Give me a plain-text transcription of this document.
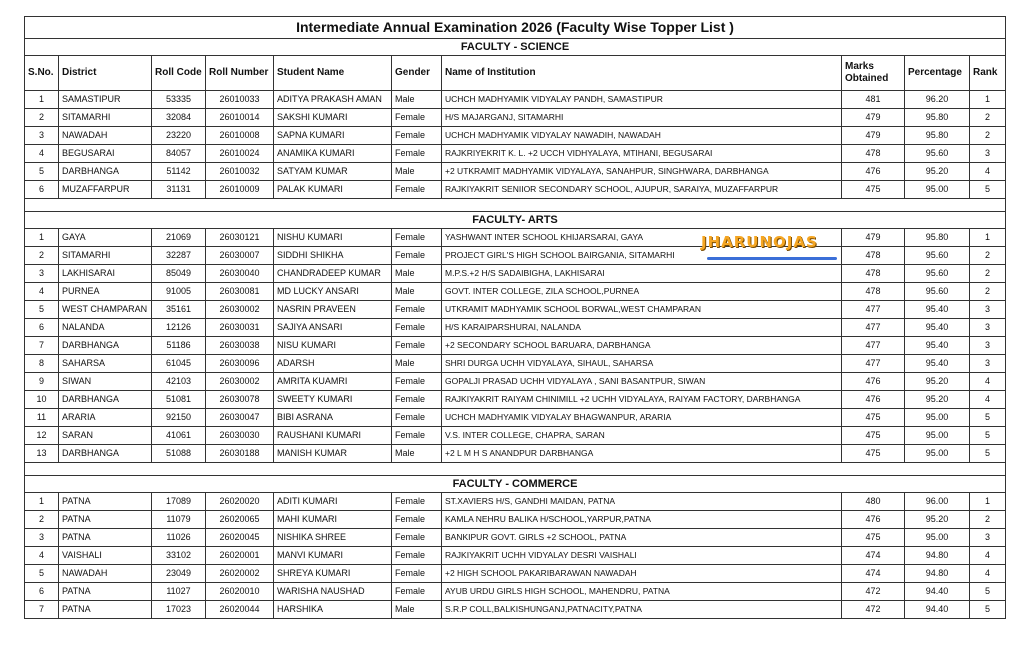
Intermediate Annual Examination 2026 (Faculty Wise Topper List )									
FACULTY - SCIENCE									
S.No.	District	Roll Code	Roll Number	Student Name	Gender	Name of Institution	Marks Obtained	Percentage	Rank
1	SAMASTIPUR	53335	26010033	ADITYA PRAKASH AMAN	Male	UCHCH MADHYAMIK VIDYALAY PANDH, SAMASTIPUR	481	96.20	1
2	SITAMARHI	32084	26010014	SAKSHI KUMARI	Female	H/S MAJARGANJ, SITAMARHI	479	95.80	2
3	NAWADAH	23220	26010008	SAPNA KUMARI	Female	UCHCH MADHYAMIK VIDYALAY NAWADIH, NAWADAH	479	95.80	2
4	BEGUSARAI	84057	26010024	ANAMIKA KUMARI	Female	RAJKRIYEKRIT K. L. +2 UCCH VIDHYALAYA, MTIHANI, BEGUSARAI	478	95.60	3
5	DARBHANGA	51142	26010032	SATYAM KUMAR	Male	+2 UTKRAMIT MADHYAMIK VIDYALAYA, SANAHPUR, SINGHWARA, DARBHANGA	476	95.20	4
6	MUZAFFARPUR	31131	26010009	PALAK KUMARI	Female	RAJKIYAKRIT SENIIOR SECONDARY SCHOOL, AJUPUR, SARAIYA, MUZAFFARPUR	475	95.00	5

FACULTY- ARTS									
1	GAYA	21069	26030121	NISHU KUMARI	Female	YASHWANT INTER SCHOOL KHIJARSARAI, GAYA	479	95.80	1
2	SITAMARHI	32287	26030007	SIDDHI SHIKHA	Female	PROJECT GIRL'S HIGH SCHOOL BAIRGANIA, SITAMARHI	478	95.60	2
3	LAKHISARAI	85049	26030040	CHANDRADEEP KUMAR	Male	M.P.S.+2 H/S SADAIBIGHA, LAKHISARAI	478	95.60	2
4	PURNEA	91005	26030081	MD LUCKY ANSARI	Male	GOVT. INTER COLLEGE, ZILA SCHOOL,PURNEA	478	95.60	2
5	WEST CHAMPARAN	35161	26030002	NASRIN PRAVEEN	Female	UTKRAMIT MADHYAMIK SCHOOL BORWAL,WEST CHAMPARAN	477	95.40	3
6	NALANDA	12126	26030031	SAJIYA ANSARI	Female	H/S KARAIPARSHURAI, NALANDA	477	95.40	3
7	DARBHANGA	51186	26030038	NISU KUMARI	Female	+2 SECONDARY SCHOOL BARUARA, DARBHANGA	477	95.40	3
8	SAHARSA	61045	26030096	ADARSH	Male	SHRI DURGA UCHH VIDYALAYA, SIHAUL, SAHARSA	477	95.40	3
9	SIWAN	42103	26030002	AMRITA KUAMRI	Female	GOPALJI PRASAD UCHH VIDYALAYA , SANI BASANTPUR, SIWAN	476	95.20	4
10	DARBHANGA	51081	26030078	SWEETY KUMARI	Female	RAJKIYAKRIT RAIYAM CHINIMILL +2 UCHH VIDYALAYA, RAIYAM FACTORY, DARBHANGA	476	95.20	4
11	ARARIA	92150	26030047	BIBI ASRANA	Female	UCHCH MADHYAMIK VIDYALAY BHAGWANPUR, ARARIA	475	95.00	5
12	SARAN	41061	26030030	RAUSHANI KUMARI	Female	V.S. INTER COLLEGE, CHAPRA, SARAN	475	95.00	5
13	DARBHANGA	51088	26030188	MANISH KUMAR	Male	+2 L M H S ANANDPUR DARBHANGA	475	95.00	5

FACULTY - COMMERCE									
1	PATNA	17089	26020020	ADITI KUMARI	Female	ST.XAVIERS H/S, GANDHI MAIDAN, PATNA	480	96.00	1
2	PATNA	11079	26020065	MAHI KUMARI	Female	KAMLA NEHRU BALIKA H/SCHOOL,YARPUR,PATNA	476	95.20	2
3	PATNA	11026	26020045	NISHIKA SHREE	Female	BANKIPUR GOVT. GIRLS +2 SCHOOL, PATNA	475	95.00	3
4	VAISHALI	33102	26020001	MANVI KUMARI	Female	RAJKIYAKRIT UCHH VIDYALAY DESRI VAISHALI	474	94.80	4
5	NAWADAH	23049	26020002	SHREYA KUMARI	Female	+2 HIGH SCHOOL PAKARIBARAWAN NAWADAH	474	94.80	4
6	PATNA	11027	26020010	WARISHA NAUSHAD	Female	AYUB URDU GIRLS HIGH SCHOOL, MAHENDRU, PATNA	472	94.40	5
7	PATNA	17023	26020044	HARSHIKA	Male	S.R.P COLL,BALKISHUNGANJ,PATNACITY,PATNA	472	94.40	5
JHARUNOJAS
